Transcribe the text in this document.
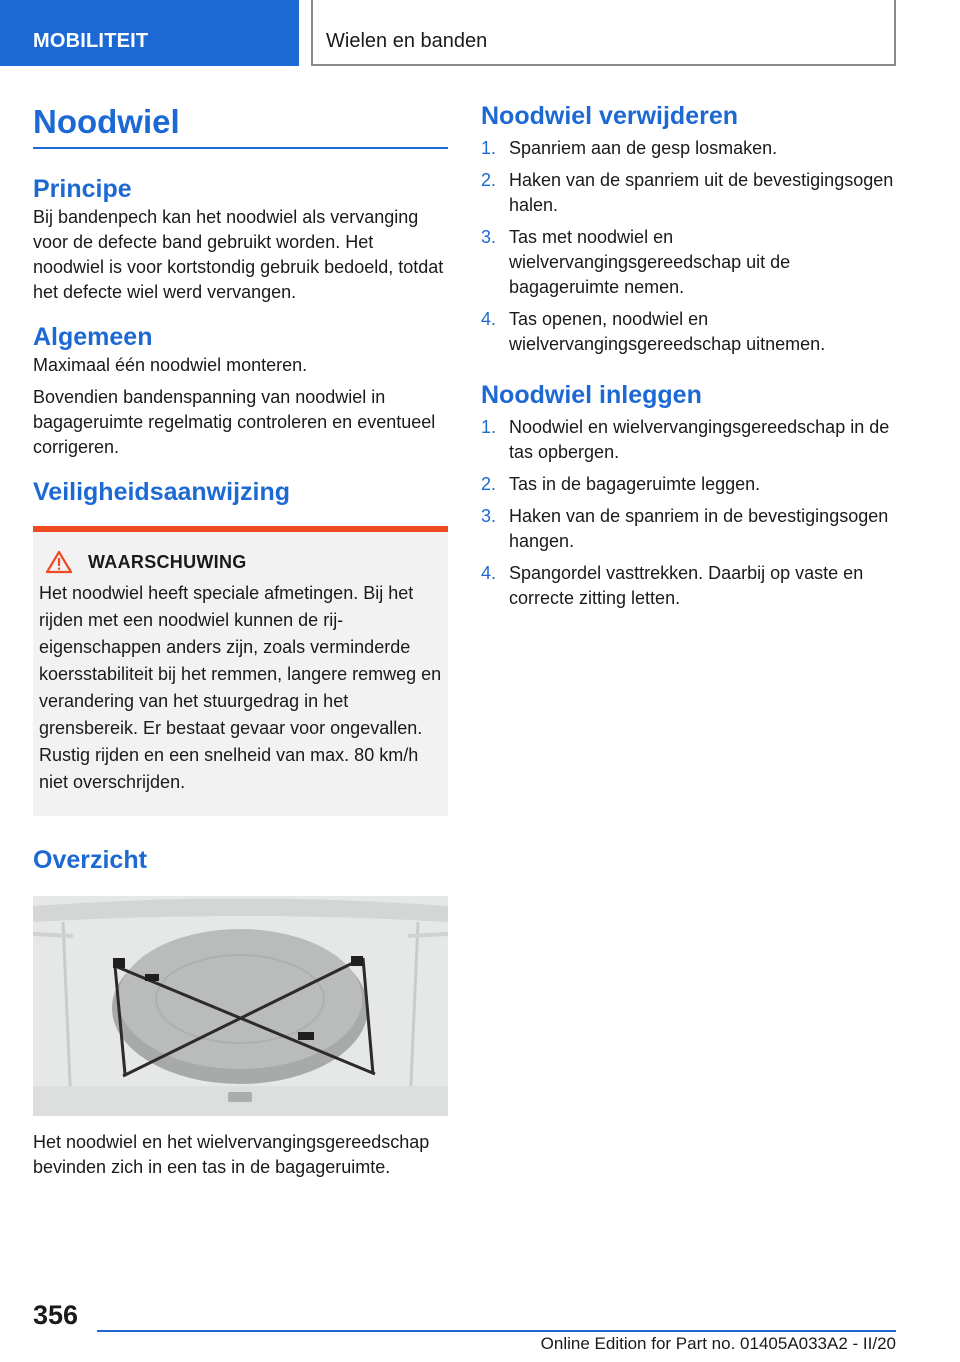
MOBILITEIT	Wielen en banden
Noodwiel
Principe

Bij bandenpech kan het noodwiel als vervanging voor de defecte band gebruikt worden. Het noodwiel is voor kortstondig gebruik bedoeld, totdat het defecte wiel werd vervangen.

Algemeen

Maximaal één noodwiel monteren.

Bovendien bandenspanning van noodwiel in bagageruimte regelmatig controleren en eventueel corrigeren.

Veiligheidsaanwijzing
WAARSCHUWING

Het noodwiel heeft speciale afmetingen. Bij het rijden met een noodwiel kunnen de rij-eigenschappen anders zijn, zoals verminderde koersstabiliteit bij het remmen, langere remweg en verandering van het stuurgedrag in het grensbereik. Er bestaat gevaar voor ongevallen. Rustig rijden en een snelheid van max. 80 km/h niet overschrijden.

Overzicht

Het noodwiel en het wielvervangingsgereedschap bevinden zich in een tas in de bagageruimte.

Noodwiel verwijderen
1. Spanriem aan de gesp losmaken.
2. Haken van de spanriem uit de bevestigingsogen halen.
3. Tas met noodwiel en wielvervangingsgereedschap uit de bagageruimte nemen.
4. Tas openen, noodwiel en wielvervangingsgereedschap uitnemen.
Noodwiel inleggen
1. Noodwiel en wielvervangingsgereedschap in de tas opbergen.
2. Tas in de bagageruimte leggen.
3. Haken van de spanriem in de bevestigingsogen hangen.
4. Spangordel vasttrekken. Daarbij op vaste en correcte zitting letten.
356
Online Edition for Part no. 01405A033A2 - II/20
